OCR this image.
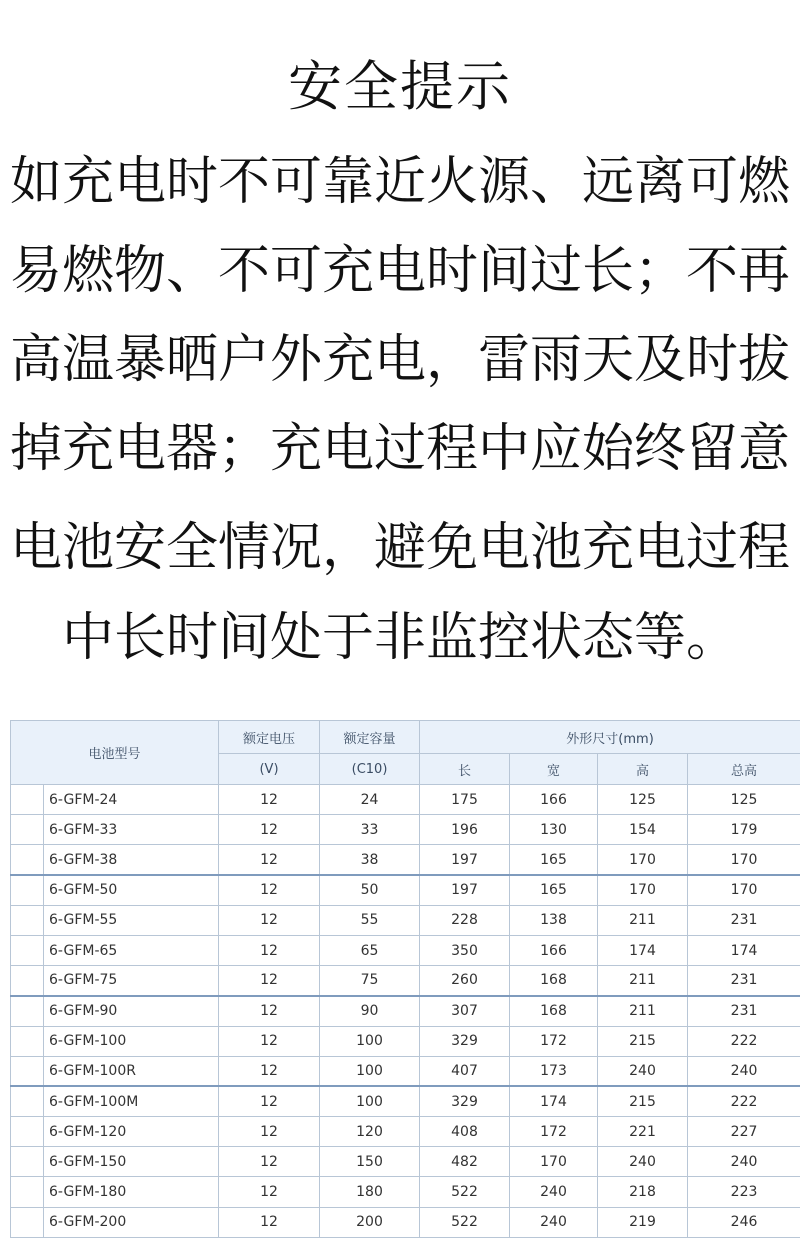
安全提示
如充电时不可靠近火源、远离可燃
易燃物、不可充电时间过长；不再
高温暴晒户外充电，雷雨天及时拔
掉充电器；充电过程中应始终留意
电池安全情况，避免电池充电过程
中长时间处于非监控状态等。
电池型号		额定电压	额定容量	外形尺寸(mm)			
		(V)	(C10)	长	宽	高	总高
	6-GFM-24	12	24	175	166	125	125
	6-GFM-33	12	33	196	130	154	179
	6-GFM-38	12	38	197	165	170	170
	6-GFM-50	12	50	197	165	170	170
	6-GFM-55	12	55	228	138	211	231
	6-GFM-65	12	65	350	166	174	174
	6-GFM-75	12	75	260	168	211	231
	6-GFM-90	12	90	307	168	211	231
	6-GFM-100	12	100	329	172	215	222
	6-GFM-100R	12	100	407	173	240	240
	6-GFM-100M	12	100	329	174	215	222
	6-GFM-120	12	120	408	172	221	227
	6-GFM-150	12	150	482	170	240	240
	6-GFM-180	12	180	522	240	218	223
	6-GFM-200	12	200	522	240	219	246
